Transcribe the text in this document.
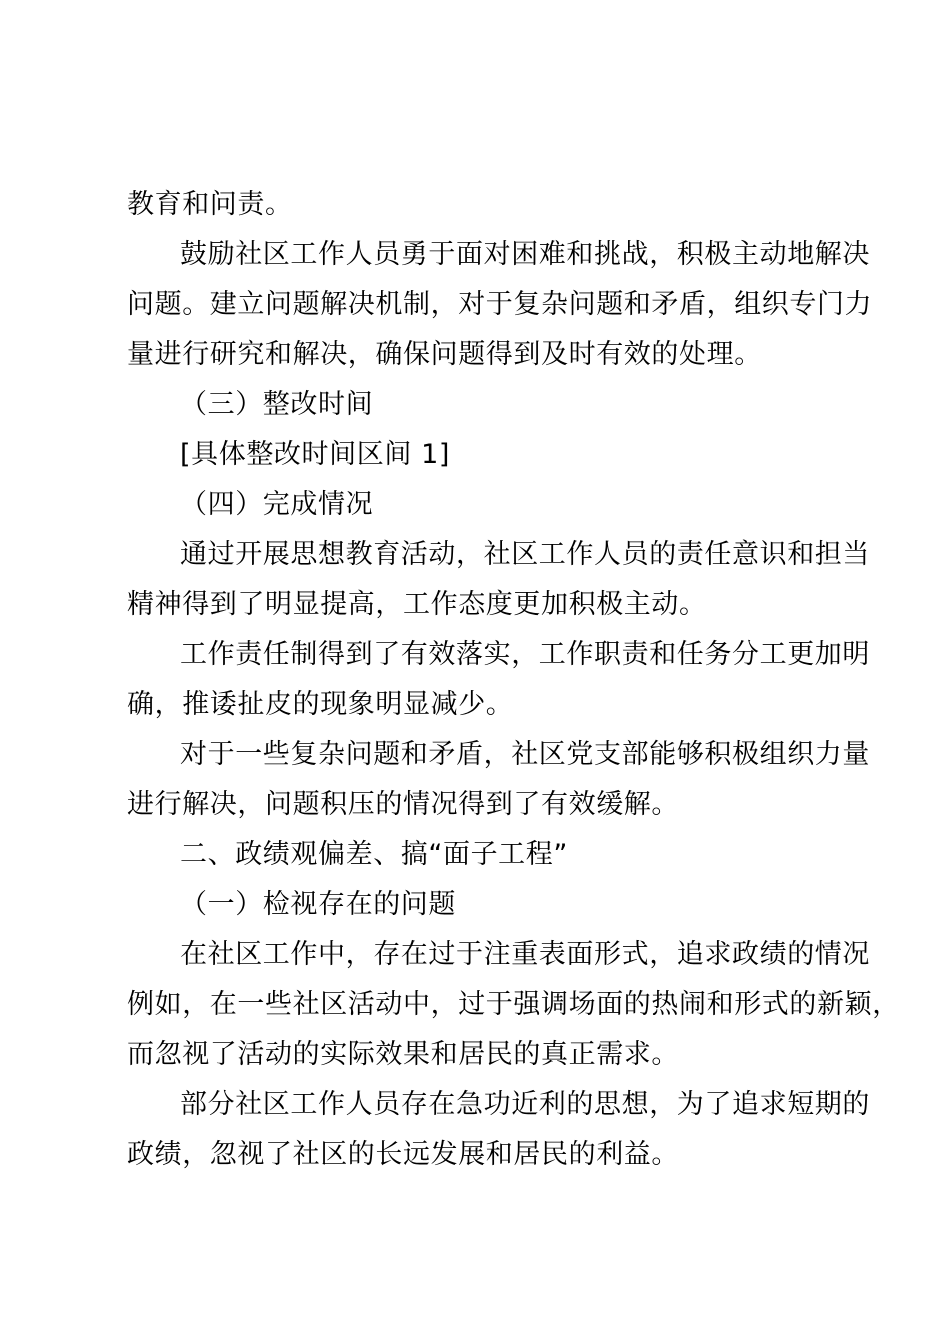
教育和问责。
鼓励社区工作人员勇于面对困难和挑战，积极主动地解决
问题。建立问题解决机制，对于复杂问题和矛盾，组织专门力
量进行研究和解决，确保问题得到及时有效的处理。
（三）整改时间
[具体整改时间区间 1]
（四）完成情况
通过开展思想教育活动，社区工作人员的责任意识和担当
精神得到了明显提高，工作态度更加积极主动。
工作责任制得到了有效落实，工作职责和任务分工更加明
确，推诿扯皮的现象明显减少。
对于一些复杂问题和矛盾，社区党支部能够积极组织力量
进行解决，问题积压的情况得到了有效缓解。
二、政绩观偏差、搞“面子工程”
（一）检视存在的问题
在社区工作中，存在过于注重表面形式，追求政绩的情况
例如，在一些社区活动中，过于强调场面的热闹和形式的新颖，
而忽视了活动的实际效果和居民的真正需求。
部分社区工作人员存在急功近利的思想，为了追求短期的
政绩，忽视了社区的长远发展和居民的利益。
